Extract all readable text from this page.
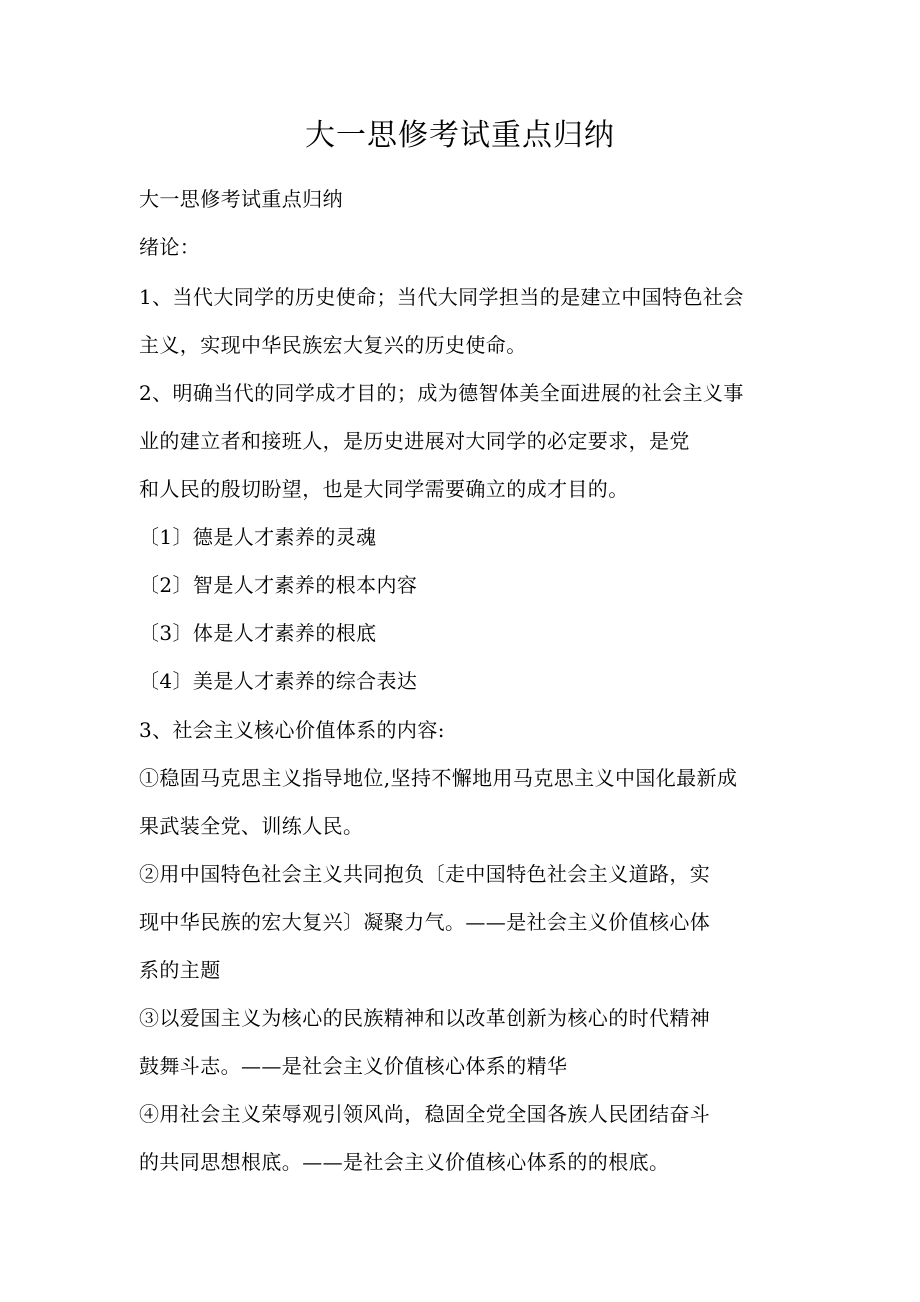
大一思修考试重点归纳
大一思修考试重点归纳
绪论：
1、当代大同学的历史使命；当代大同学担当的是建立中国特色社会
主义，实现中华民族宏大复兴的历史使命。
2、明确当代的同学成才目的；成为德智体美全面进展的社会主义事
业的建立者和接班人，是历史进展对大同学的必定要求，是党
和人民的殷切盼望，也是大同学需要确立的成才目的。
〔1〕德是人才素养的灵魂
〔2〕智是人才素养的根本内容
〔3〕体是人才素养的根底
〔4〕美是人才素养的综合表达
3、社会主义核心价值体系的内容:
①稳固马克思主义指导地位,坚持不懈地用马克思主义中国化最新成
果武装全党、训练人民。
②用中国特色社会主义共同抱负〔走中国特色社会主义道路，实
现中华民族的宏大复兴〕凝聚力气。——是社会主义价值核心体
系的主题
③以爱国主义为核心的民族精神和以改革创新为核心的时代精神
鼓舞斗志。——是社会主义价值核心体系的精华
④用社会主义荣辱观引领风尚，稳固全党全国各族人民团结奋斗
的共同思想根底。——是社会主义价值核心体系的的根底。
